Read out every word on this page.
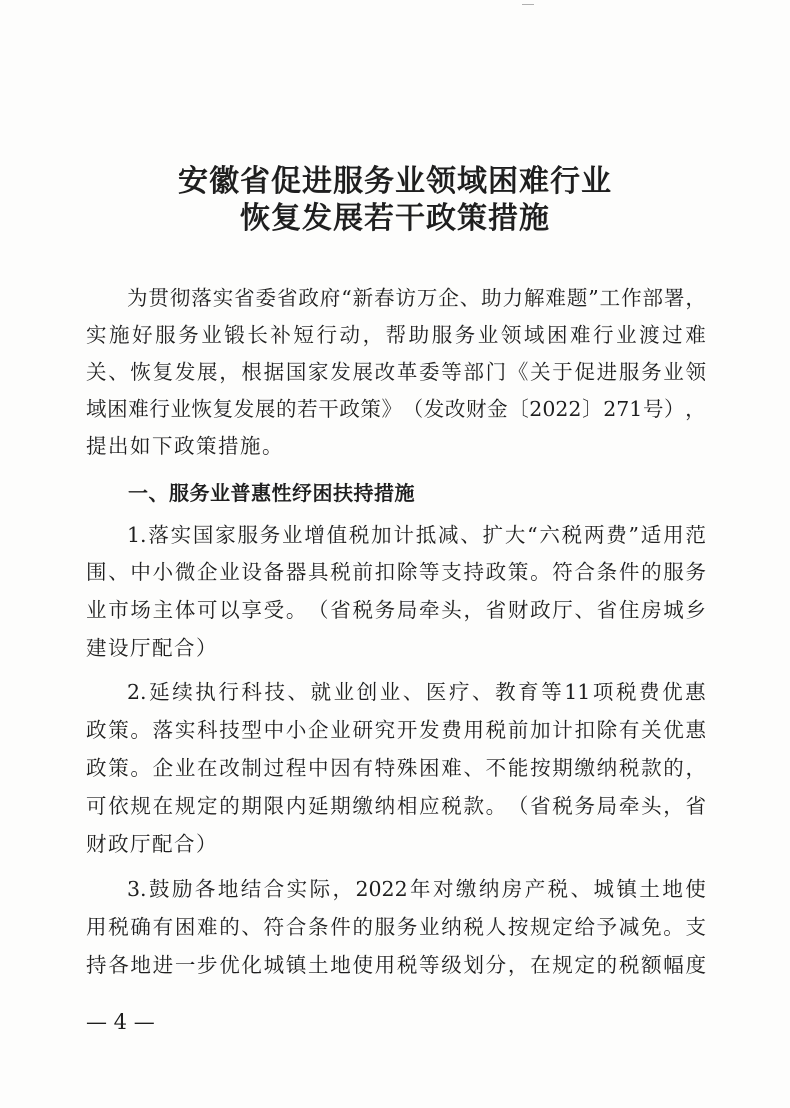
安徽省促进服务业领域困难行业
恢复发展若干政策措施
为 贯 彻 落 实 省 委 省 政 府 “ 新 春 访 万 企 、 助 力 解 难 题 ” 工 作 部 署 ，
实 施 好 服 务 业 锻 长 补 短 行 动 ， 帮 助 服 务 业 领 域 困 难 行 业 渡 过 难
关 、 恢 复 发 展 ， 根 据 国 家 发 展 改 革 委 等 部 门 《 关 于 促 进 服 务 业 领
域 困 难 行 业 恢 复 发 展 的 若 干 政 策 》 （ 发 改 财 金 〔 2022 〕 271 号 ） ，
提出如下政策措施。
一、服务业普惠性纾困扶持措施
1. 落 实 国 家 服 务 业 增 值 税 加 计 抵 减 、 扩 大 “ 六 税 两 费 ” 适 用 范
围 、 中 小 微 企 业 设 备 器 具 税 前 扣 除 等 支 持 政 策 。 符 合 条 件 的 服 务
业 市 场 主 体 可 以 享 受 。 （ 省 税 务 局 牵 头 ， 省 财 政 厅 、 省 住 房 城 乡
建设厅配合）
2. 延 续 执 行 科 技 、 就 业 创 业 、 医 疗 、 教 育 等 11 项 税 费 优 惠
政 策 。 落 实 科 技 型 中 小 企 业 研 究 开 发 费 用 税 前 加 计 扣 除 有 关 优 惠
政 策 。 企 业 在 改 制 过 程 中 因 有 特 殊 困 难 、 不 能 按 期 缴 纳 税 款 的 ，
可 依 规 在 规 定 的 期 限 内 延 期 缴 纳 相 应 税 款 。 （ 省 税 务 局 牵 头 ， 省
财政厅配合）
3. 鼓 励 各 地 结 合 实 际 ， 2022 年 对 缴 纳 房 产 税 、 城 镇 土 地 使
用 税 确 有 困 难 的 、 符 合 条 件 的 服 务 业 纳 税 人 按 规 定 给 予 减 免 。 支
持 各 地 进 一 步 优 化 城 镇 土 地 使 用 税 等 级 划 分 ， 在 规 定 的 税 额 幅 度
— 4 —
